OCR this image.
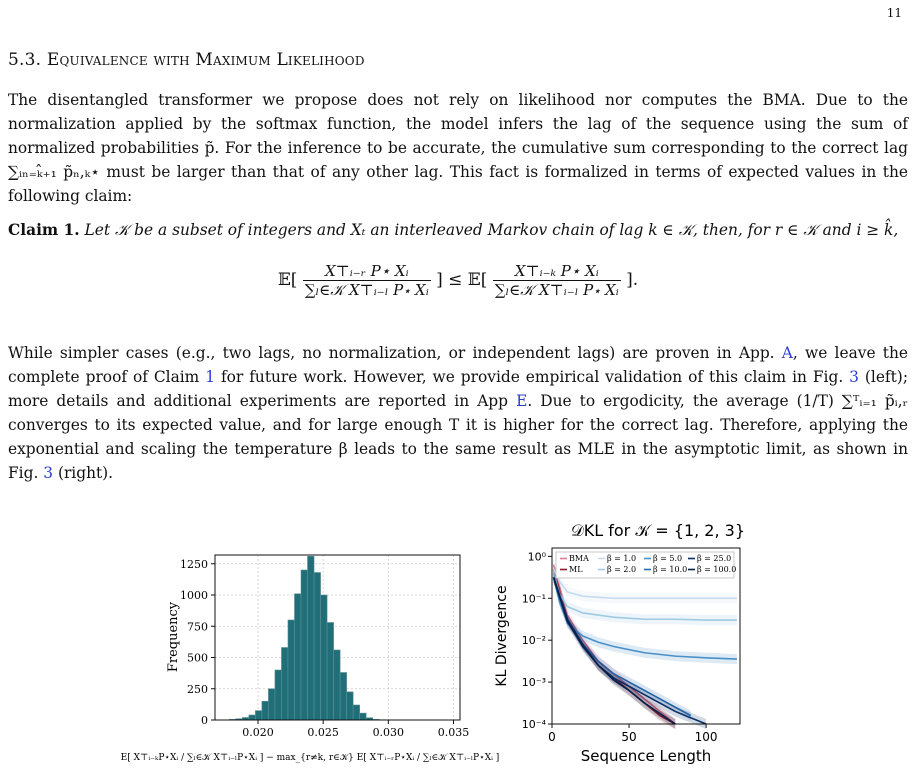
11
5.3. Equivalence with Maximum Likelihood
The disentangled transformer we propose does not rely on likelihood nor computes the BMA. Due to the normalization applied by the softmax function, the model infers the lag of the sequence using the sum of normalized probabilities p̃. For the inference to be accurate, the cumulative sum corresponding to the correct lag ∑ᵢₙ₌ₖ̂₊₁ p̃ₙ,ₖ⋆ must be larger than that of any other lag. This fact is formalized in terms of expected values in the following claim:
Claim 1. Let 𝒦 be a subset of integers and Xₜ an interleaved Markov chain of lag k ∈ 𝒦, then, for r ∈ 𝒦 and i ≥ k̂,
𝔼[ $\frac{\text{X⊤ᵢ₋ᵣ P⋆ Xᵢ}}{\text{∑ₗ∈𝒦 X⊤ᵢ₋ₗ P⋆ Xᵢ}}$ ] ≤ 𝔼[ $\frac{\text{X⊤ᵢ₋ₖ P⋆ Xᵢ}}{\text{∑ₗ∈𝒦 X⊤ᵢ₋ₗ P⋆ Xᵢ}}$ ].
While simpler cases (e.g., two lags, no normalization, or independent lags) are proven in App. A, we leave the complete proof of Claim 1 for future work. However, we provide empirical validation of this claim in Fig. 3 (left); more details and additional experiments are reported in App E. Due to ergodicity, the average (1/T) ∑ᵀᵢ₌₁ p̃ᵢ,ᵣ converges to its expected value, and for large enough T it is higher for the correct lag. Therefore, applying the exponential and scaling the temperature β leads to the same result as MLE in the asymptotic limit, as shown in Fig. 3 (right).
0
250
500
750
1000
1250
0.020	0.025	0.030	0.035
Frequency
E[ X⊤ᵢ₋ₖP⋆Xᵢ / ∑ₗ∈𝒦 X⊤ᵢ₋ₗP⋆Xᵢ ] − max_{r≠k, r∈𝒦} E[ X⊤ᵢ₋ᵣP⋆Xᵢ / ∑ₗ∈𝒦 X⊤ᵢ₋ₗP⋆Xᵢ ]
𝒟KL for 𝒦 = {1, 2, 3}
10⁰
10⁻¹
10⁻²
10⁻³
10⁻⁴
0	50	100
BMA
ML
β = 1.0
β = 2.0
β = 5.0
β = 10.0
β = 25.0
β = 100.0
KL Divergence
Sequence Length
